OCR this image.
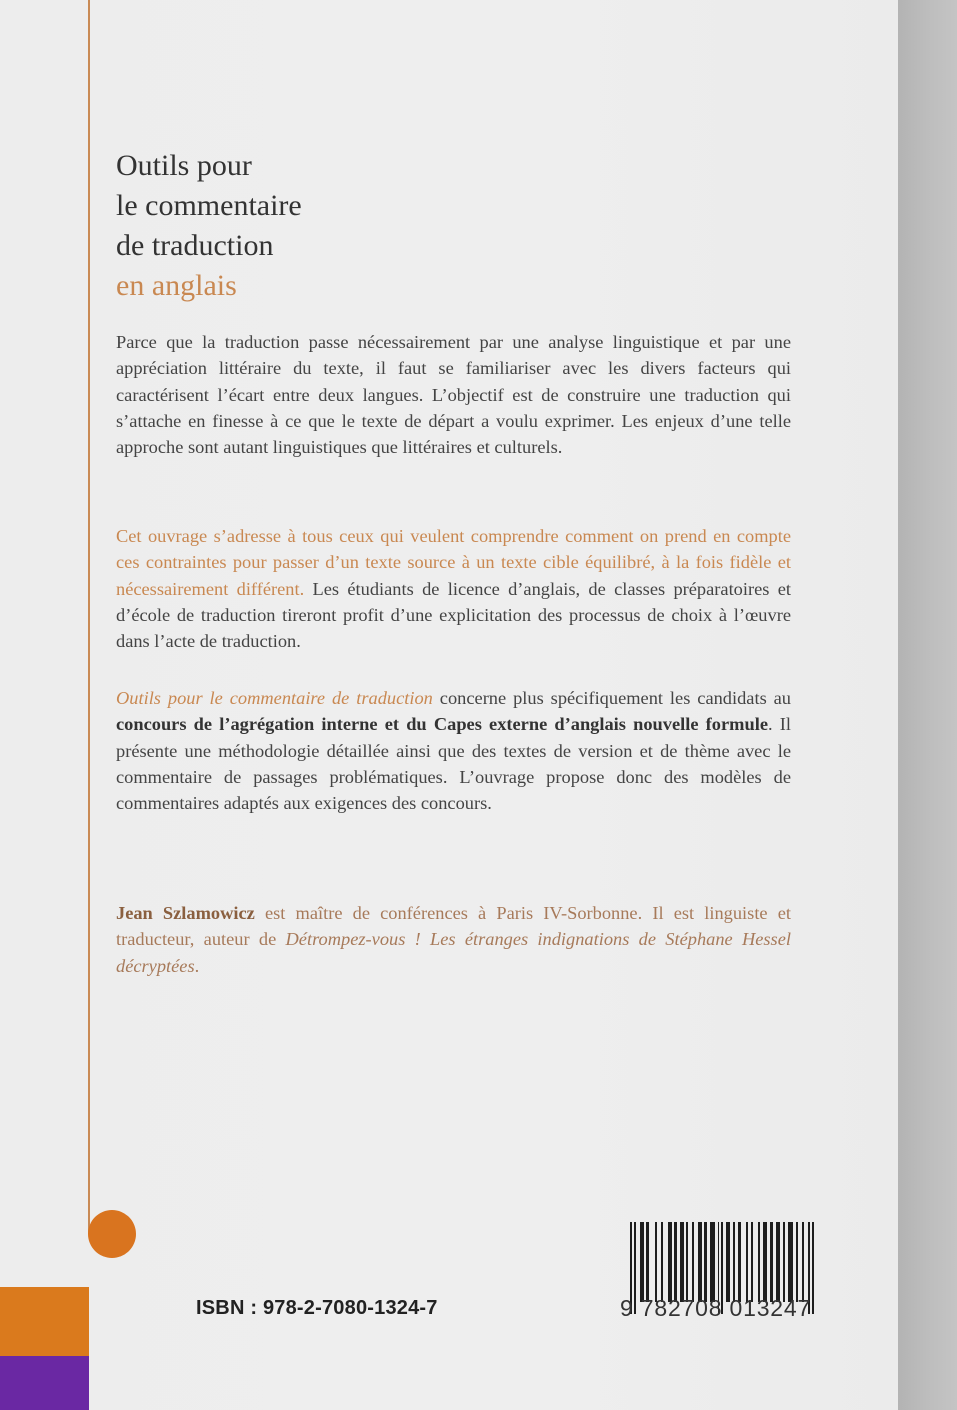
Outils pour
le commentaire
de traduction
en anglais
Parce que la traduction passe nécessairement par une analyse linguistique et par une appréciation littéraire du texte, il faut se familiariser avec les divers facteurs qui caractérisent l’écart entre deux langues. L’objectif est de construire une traduction qui s’attache en finesse à ce que le texte de départ a voulu exprimer. Les enjeux d’une telle approche sont autant linguistiques que littéraires et culturels.
Cet ouvrage s’adresse à tous ceux qui veulent comprendre comment on prend en compte ces contraintes pour passer d’un texte source à un texte cible équilibré, à la fois fidèle et nécessairement différent. Les étudiants de licence d’anglais, de classes préparatoires et d’école de traduction tireront profit d’une explicitation des processus de choix à l’œuvre dans l’acte de traduction.
Outils pour le commentaire de traduction concerne plus spécifiquement les candidats au concours de l’agrégation interne et du Capes externe d’anglais nouvelle formule. Il présente une méthodologie détaillée ainsi que des textes de version et de thème avec le commentaire de passages problématiques. L’ouvrage propose donc des modèles de commentaires adaptés aux exigences des concours.
Jean Szlamowicz est maître de conférences à Paris IV-Sorbonne. Il est linguiste et traducteur, auteur de Détrompez-vous ! Les étranges indignations de Stéphane Hessel décryptées.
ISBN : 978-2-7080-1324-7	9 782708 013247
